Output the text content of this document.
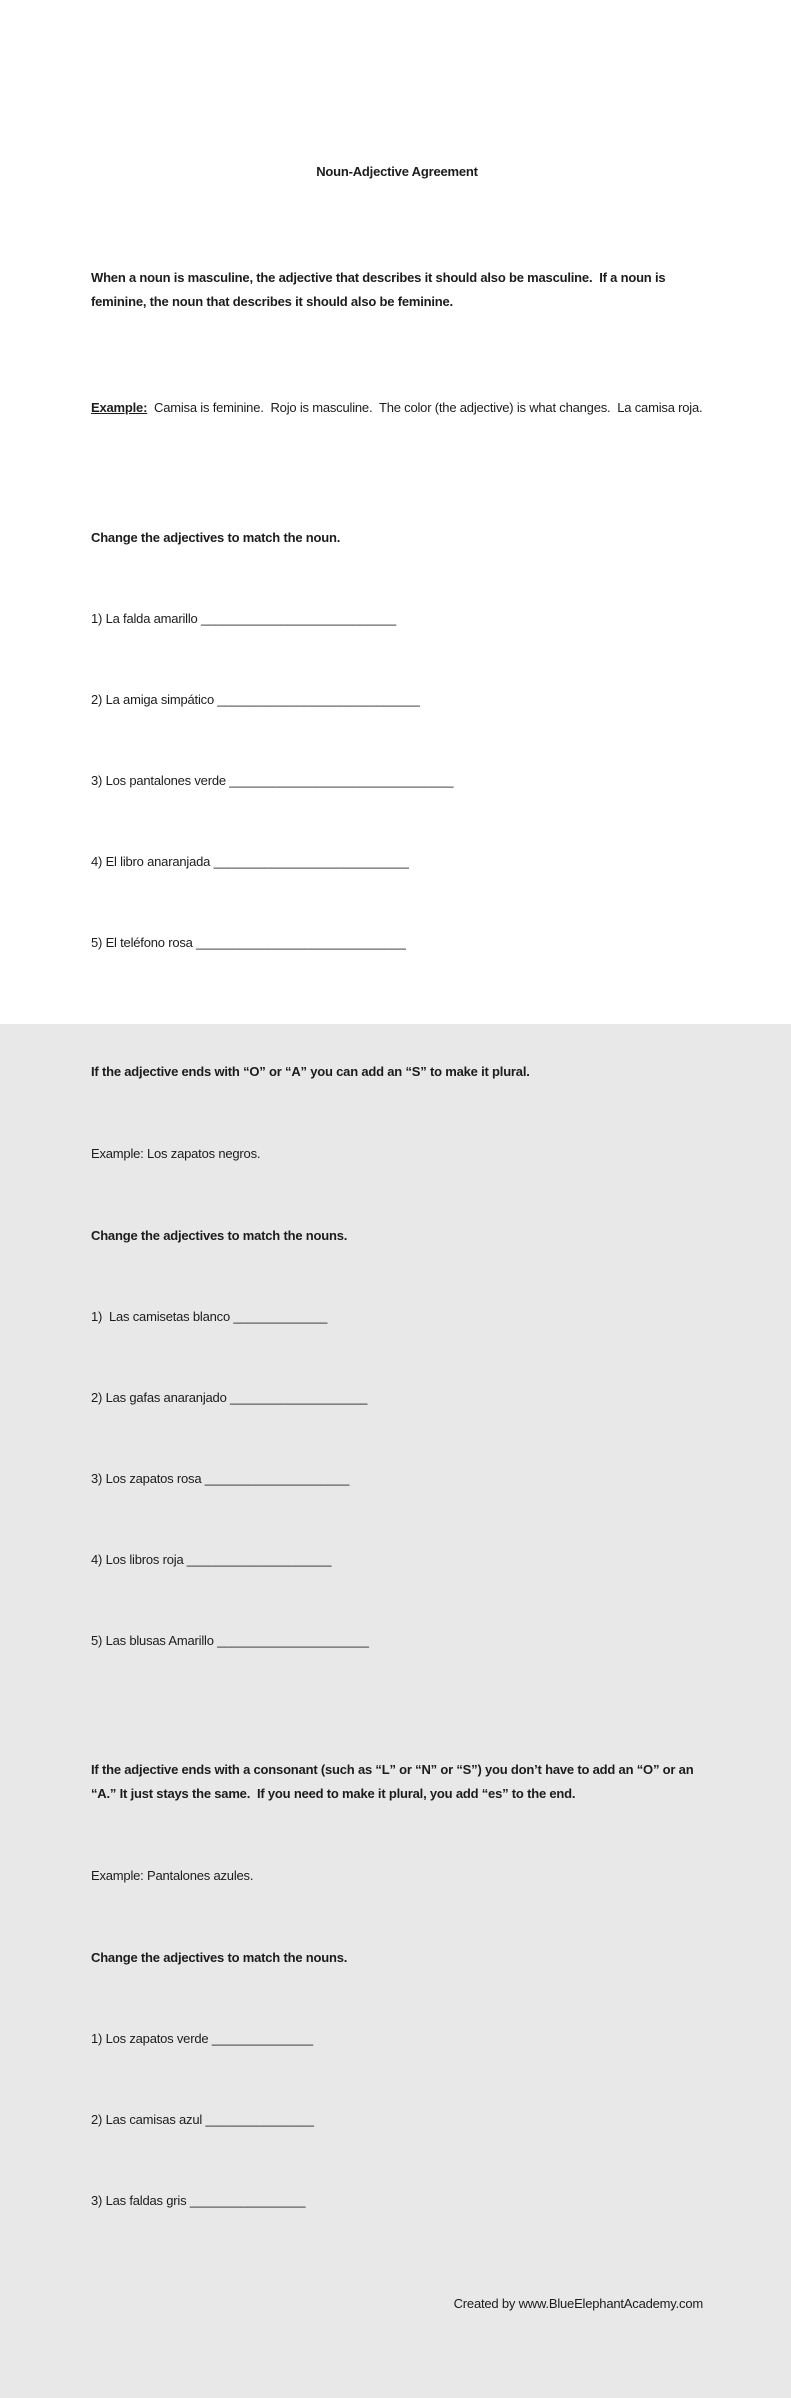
Noun-Adjective Agreement

When a noun is masculine, the adjective that describes it should also be masculine.  If a noun is feminine, the noun that describes it should also be feminine.

Example:  Camisa is feminine.  Rojo is masculine.  The color (the adjective) is what changes.  La camisa roja.

Change the adjectives to match the noun.

1) La falda amarillo ___________________________

2) La amiga simpático ____________________________

3) Los pantalones verde _______________________________

4) El libro anaranjada ___________________________

5) El teléfono rosa _____________________________

If the adjective ends with “O” or “A” you can add an “S” to make it plural.

Example: Los zapatos negros.

Change the adjectives to match the nouns.

1)  Las camisetas blanco _____________

2) Las gafas anaranjado ___________________

3) Los zapatos rosa ____________________

4) Los libros roja ____________________

5) Las blusas Amarillo _____________________

If the adjective ends with a consonant (such as “L” or “N” or “S”) you don’t have to add an “O” or an “A.” It just stays the same.  If you need to make it plural, you add “es” to the end.

Example: Pantalones azules.

Change the adjectives to match the nouns.

1) Los zapatos verde ______________

2) Las camisas azul _______________

3) Las faldas gris ________________

Created by www.BlueElephantAcademy.com
